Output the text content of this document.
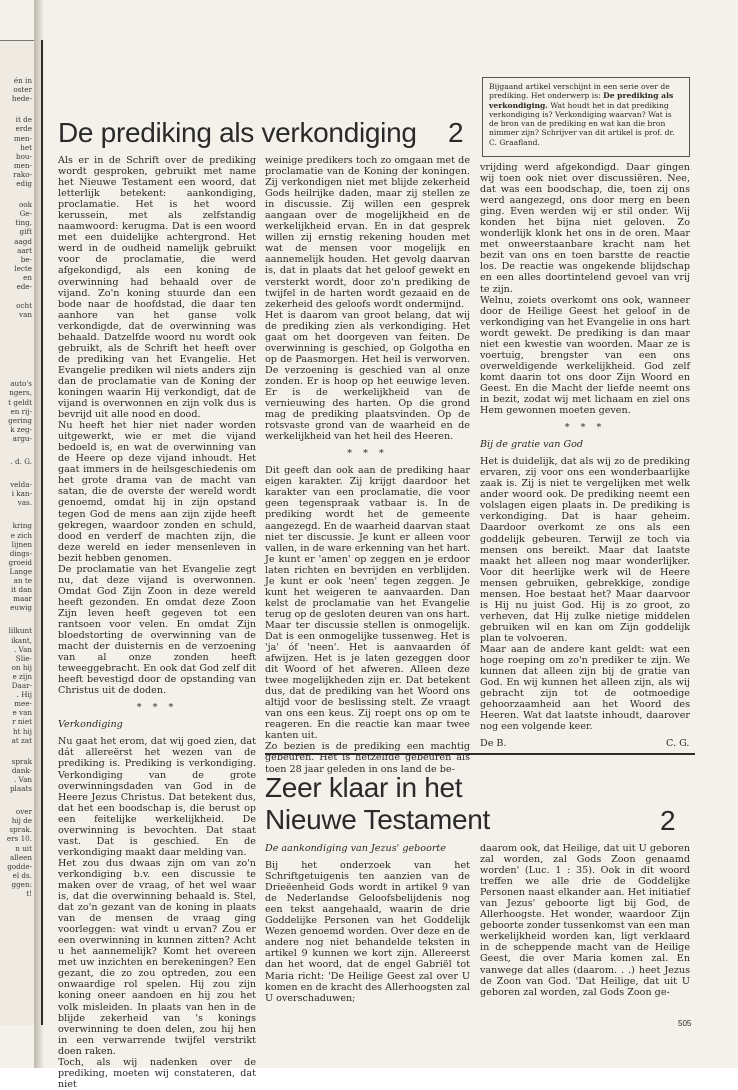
én in
oster
hede-
it de
erde
men-
het
bou-
men-
rako-
edig
ook
Ge-
ting,
gift
aagd
aart
be-
lecte
en
ede-
ocht
van
auto's
ngers,
t geldt
en rij-
gering
k zeg-
argu-
. d. G.
velda-
i kan-
vas.
kring
e zich
lijnen
dings-
groeid
Lange
an te
it dan
maar
euwig
lilkunt
ikant,
. Van
Slie-
on hij
e zijn
Daar-
. Hij
mee-
e van
r niet
ht hij
at zat
sprak
dank-
. Van
plaats
over
hij de
sprak.
ers 10.
n uit
alleen
godde-
el ds.
ggen:
t!
Bijgaand artikel verschijnt in een serie over de prediking. Het onderwerp is: De prediking als verkondiging. Wat houdt het in dat prediking verkondiging is? Verkondiging waarvan? Wat is de bron van de prediking en wat kan die bron nimmer zijn? Schrijver van dit artikel is prof. dr. C. Graafland.
De prediking als verkondiging	2

Als er in de Schrift over de prediking wordt gesproken, gebruikt met name het Nieuwe Testament een woord, dat letterlijk betekent: aankondiging, proclamatie. Het is het woord kerussein, met als zelfstandig naamwoord: kerugma. Dat is een woord met een duidelijke achtergrond. Het werd in de oudheid namelijk gebruikt voor de proclamatie, die werd afgekondigd, als een koning de overwinning had behaald over de vijand. Zo'n koning stuurde dan een bode naar de hoofdstad, die daar ten aanhore van het ganse volk verkondigde, dat de overwinning was behaald. Datzelfde woord nu wordt ook gebruikt, als de Schrift het heeft over de prediking van het Evangelie. Het Evangelie prediken wil niets anders zijn dan de proclamatie van de Koning der koningen waarin Hij verkondigt, dat de vijand is overwonnen en zijn volk dus is bevrijd uit alle nood en dood.

Nu heeft het hier niet nader worden uitgewerkt, wie er met die vijand bedoeld is, en wat de overwinning van de Heere op deze vijand inhoudt. Het gaat immers in de heilsgeschiedenis om het grote drama van de macht van satan, die de overste der wereld wordt genoemd, omdat hij in zijn opstand tegen God de mens aan zijn zijde heeft gekregen, waardoor zonden en schuld, dood en verderf de machten zijn, die deze wereld en ieder mensenleven in bezit hebben genomen.

De proclamatie van het Evangelie zegt nu, dat deze vijand is overwonnen. Omdat God Zijn Zoon in deze wereld heeft gezonden. En omdat deze Zoon Zijn leven heeft gegeven tot een rantsoen voor velen. En omdat Zijn bloedstorting de overwinning van de macht der duisternis en de verzoening van al onze zonden heeft teweeggebracht. En ook dat God zelf dit heeft bevestigd door de opstanding van Christus uit de doden.

* * *
Verkondiging

Nu gaat het erom, dat wij goed zien, dat dát allereërst het wezen van de prediking is. Prediking is verkondiging. Verkondiging van de grote overwinningsdaden van God in de Heere Jezus Christus. Dat betekent dus, dat het een boodschap is, die berust op een feitelijke werkelijkheid. De overwinning is bevochten. Dat staat vast. Dat is geschied. En de verkondiging maakt daar melding van.

Het zou dus dwaas zijn om van zo'n verkondiging b.v. een discussie te maken over de vraag, of het wel waar is, dat die overwinning behaald is. Stel, dat zo'n gezant van de koning in plaats van de mensen de vraag ging voorleggen: wat vindt u ervan? Zou er een overwinning in kunnen zitten? Acht u het aannemelijk? Komt het overeen met uw inzichten en berekeningen? Een gezant, die zo zou optreden, zou een onwaardige rol spelen. Hij zou zijn koning oneer aandoen en hij zou het volk misleiden. In plaats van hen in de blijde zekerheid van 's konings overwinning te doen delen, zou hij hen in een verwarrende twijfel verstrikt doen raken.

Toch, als wij nadenken over de prediking, moeten wij constateren, dat niet

weinige predikers toch zo omgaan met de proclamatie van de Koning der koningen. Zij verkondigen niet met blijde zekerheid Gods heilrijke daden, maar zij stellen ze in discussie. Zij willen een gesprek aangaan over de mogelijkheid en de werkelijkheid ervan. En in dat gesprek willen zij ernstig rekening houden met wat de mensen voor mogelijk en aannemelijk houden. Het gevolg daarvan is, dat in plaats dat het geloof gewekt en versterkt wordt, door zo'n prediking de twijfel in de harten wordt gezaaid en de zekerheid des geloofs wordt ondermijnd.

Het is daarom van groot belang, dat wij de prediking zien als verkondiging. Het gaat om het doorgeven van feiten. De overwinning is geschied, op Golgotha en op de Paasmorgen. Het heil is verworven. De verzoening is geschied van al onze zonden. Er is hoop op het eeuwige leven. Er is de werkelijkheid van de vernieuwing des harten. Op die grond mag de prediking plaatsvinden. Op de rotsvaste grond van de waarheid en de werkelijkheid van het heil des Heeren.

* * *

Dit geeft dan ook aan de prediking haar eigen karakter. Zij krijgt daardoor het karakter van een proclamatie, die voor geen tegenspraak vatbaar is. In de prediking wordt het de gemeente aangezegd. En de waarheid daarvan staat niet ter discussie. Je kunt er alleen voor vallen, in de ware erkenning van het hart. Je kunt er 'amen' op zeggen en je erdoor laten richten en bevrijden en verblijden. Je kunt er ook 'neen' tegen zeggen. Je kunt het weigeren te aanvaarden. Dan kelst de proclamatie van het Evangelie terug op de gesloten deuren van ons hart.

Maar ter discussie stellen is onmogelijk. Dat is een onmogelijke tussenweg. Het is 'ja' óf 'neen'. Het is aanvaarden óf afwijzen. Het is je laten gezeggen door dit Woord of het afweren. Alleen deze twee mogelijkheden zijn er. Dat betekent dus, dat de prediking van het Woord ons altijd voor de beslissing stelt. Ze vraagt van ons een keus. Zij roept ons op om te reageren. En die reactie kan maar twee kanten uit.

Zo bezien is de prediking een machtig gebeuren. Het is hetzelfde gebeuren als toen 28 jaar geleden in ons land de be-

vrijding werd afgekondigd. Daar gingen wij toen ook niet over discussiëren. Nee, dat was een boodschap, die, toen zij ons werd aangezegd, ons door merg en been ging. Even werden wij er stil onder. Wij konden het bijna niet geloven. Zo wonderlijk klonk het ons in de oren. Maar met onweerstaanbare kracht nam het bezit van ons en toen barstte de reactie los. De reactie was ongekende blijdschap en een alles doortintelend gevoel van vrij te zijn.

Welnu, zoiets overkomt ons ook, wanneer door de Heilige Geest het geloof in de verkondiging van het Evangelie in ons hart wordt gewekt. De prediking is dan maar niet een kwestie van woorden. Maar ze is voertuig, brengster van een ons overweldigende werkelijkheid. God zelf komt daarin tot ons door Zijn Woord en Geest. En die Macht der liefde neemt ons in bezit, zodat wij met lichaam en ziel ons Hem gewonnen moeten geven.

* * *
Bij de gratie van God

Het is duidelijk, dat als wij zo de prediking ervaren, zij voor ons een wonderbaarlijke zaak is. Zij is niet te vergelijken met welk ander woord ook. De prediking neemt een volslagen eigen plaats in. De prediking is verkondiging. Dat is haar geheim. Daardoor overkomt ze ons als een goddelijk gebeuren. Terwijl ze toch via mensen ons bereikt. Maar dat laatste maakt het alleen nog maar wonderlijker. Voor dit heerlijke werk wil de Heere mensen gebruiken, gebrekkige, zondige mensen. Hoe bestaat het? Maar daarvoor is Hij nu juist God. Hij is zo groot, zo verheven, dat Hij zulke nietige middelen gebruiken wil en kan om Zijn goddelijk plan te volvoeren.

Maar aan de andere kant geldt: wat een hoge roeping om zo'n prediker te zijn. We kunnen dat alleen zijn bij de gratie van God. En wij kunnen het alleen zijn, als wij gebracht zijn tot de ootmoedige gehoorzaamheid aan het Woord des Heeren. Wat dat laatste inhoudt, daarover nog een volgende keer.

De B.	C. G.
Zeer klaar in het
Nieuwe Testament	2
De aankondiging van Jezus' geboorte

Bij het onderzoek van het Schriftgetuigenis ten aanzien van de Drieëenheid Gods wordt in artikel 9 van de Nederlandse Geloofsbelijdenis nog een tekst aangehaald, waarin de drie Goddelijke Personen van het Goddelijk Wezen genoemd worden. Over deze en de andere nog niet behandelde teksten in artikel 9 kunnen we kort zijn. Allereerst dan het woord, dat de engel Gabriël tot Maria richt: 'De Heilige Geest zal over U komen en de kracht des Allerhoogsten zal U overschaduwen;

daarom ook, dat Heilige, dat uit U geboren zal worden, zal Gods Zoon genaamd worden' (Luc. 1 : 35). Ook in dit woord treffen we alle drie de Goddelijke Personen naast elkander aan. Het initiatief van Jezus' geboorte ligt bij God, de Allerhoogste. Het wonder, waardoor Zijn geboorte zonder tussenkomst van een man werkelijkheid worden kan, ligt verklaard in de scheppende macht van de Heilige Geest, die over Maria komen zal. En vanwege dat alles (daarom. . .) heet Jezus de Zoon van God. 'Dat Heilige, dat uit U geboren zal worden, zal Gods Zoon ge-

505
